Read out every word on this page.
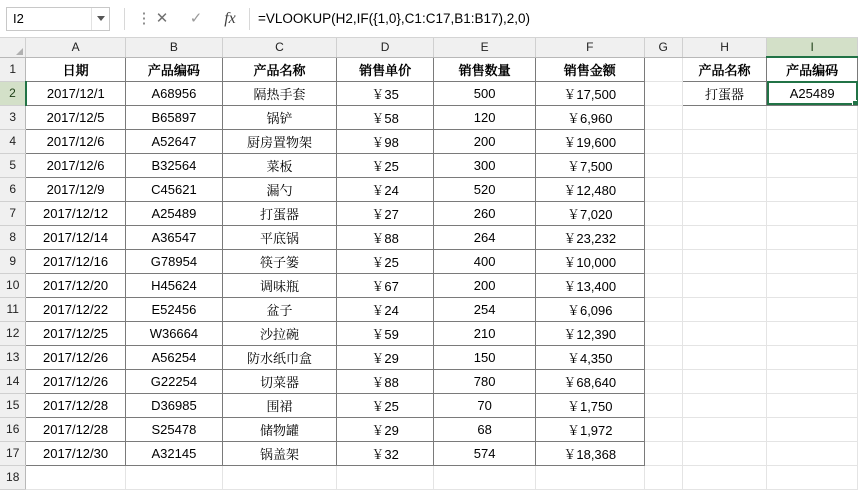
I2	⋮ ✕ ✓ fx
=VLOOKUP(H2,IF({1,0},C1:C17,B1:B17),2,0)
	A	B	C	D	E	F	G	H	I
1	日期	产品编码	产品名称	销售单价	销售数量	销售金额		产品名称	产品编码
2	2017/12/1	A68956	隔热手套	￥35	500	￥17,500		打蛋器	A25489
3	2017/12/5	B65897	锅铲	￥58	120	￥6,960			
4	2017/12/6	A52647	厨房置物架	￥98	200	￥19,600			
5	2017/12/6	B32564	菜板	￥25	300	￥7,500			
6	2017/12/9	C45621	漏勺	￥24	520	￥12,480			
7	2017/12/12	A25489	打蛋器	￥27	260	￥7,020			
8	2017/12/14	A36547	平底锅	￥88	264	￥23,232			
9	2017/12/16	G78954	筷子篓	￥25	400	￥10,000			
10	2017/12/20	H45624	调味瓶	￥67	200	￥13,400			
11	2017/12/22	E52456	盆子	￥24	254	￥6,096			
12	2017/12/25	W36664	沙拉碗	￥59	210	￥12,390			
13	2017/12/26	A56254	防水纸巾盒	￥29	150	￥4,350			
14	2017/12/26	G22254	切菜器	￥88	780	￥68,640			
15	2017/12/28	D36985	围裙	￥25	70	￥1,750			
16	2017/12/28	S25478	储物罐	￥29	68	￥1,972			
17	2017/12/30	A32145	锅盖架	￥32	574	￥18,368			
18									
